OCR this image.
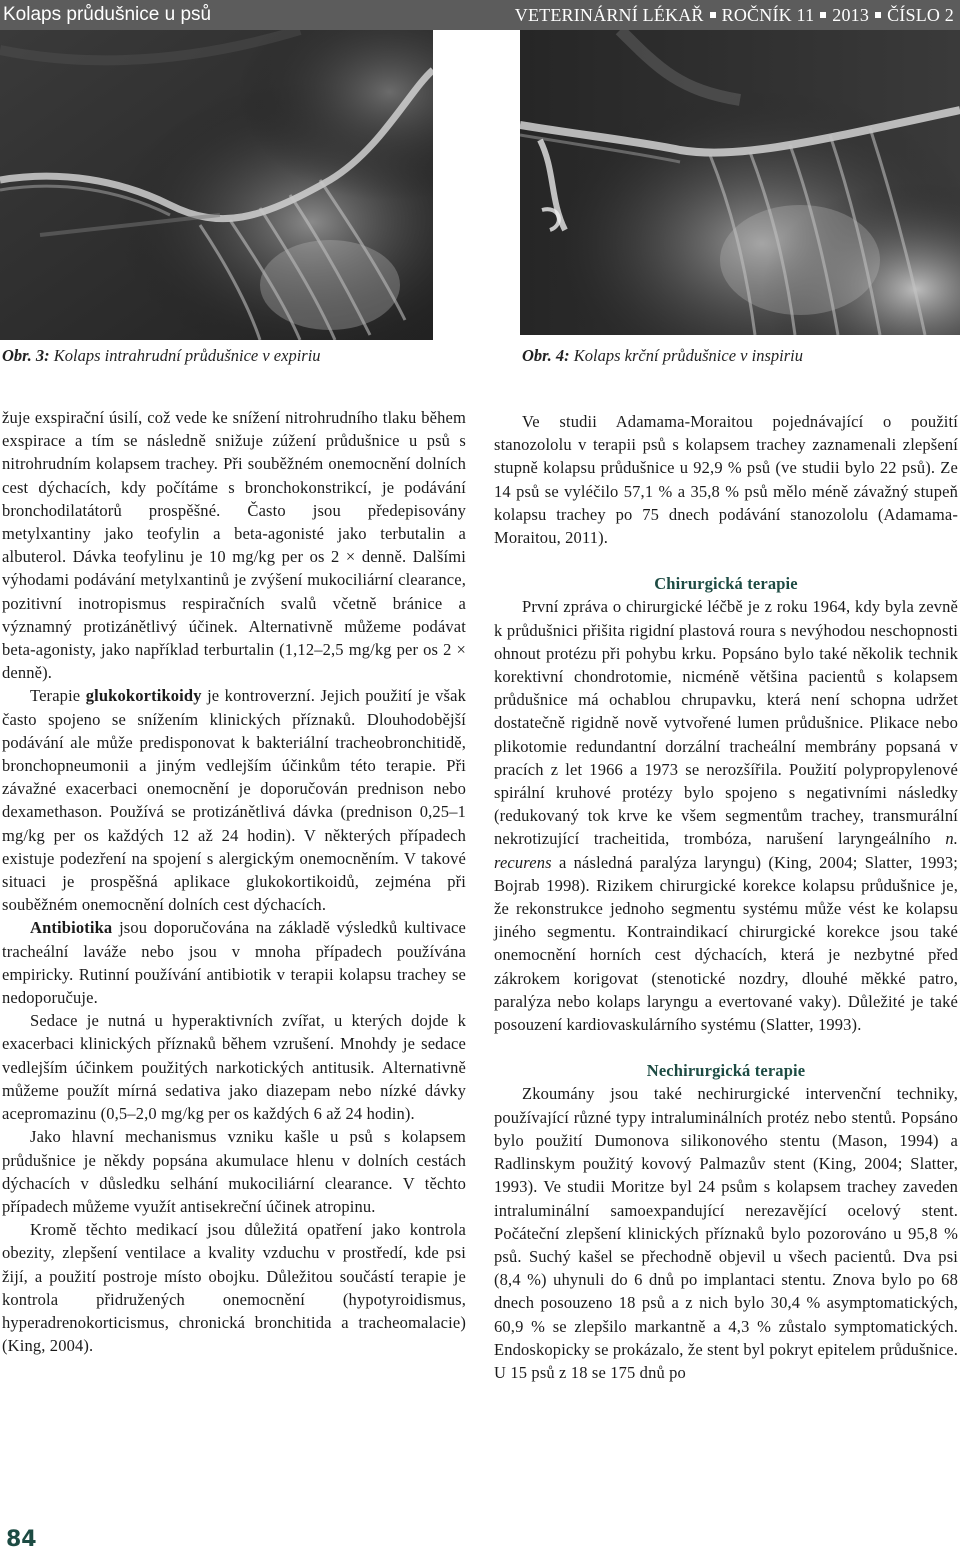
Kolaps průdušnice u psů	VETERINÁRNÍ LÉKAŘ ROČNÍK 11 2013 ČÍSLO 2
Obr. 3: Kolaps intrahrudní průdušnice v expiriu	Obr. 4: Kolaps krční průdušnice v inspiriu

žuje exspirační úsilí, což vede ke snížení nitrohrudního tlaku během exspirace a tím se následně snižuje zúžení průdušnice u psů s nitrohrudním kolapsem trachey. Při souběžném onemocnění dolních cest dýchacích, kdy počítáme s bronchokonstrikcí, je podávání bronchodilatátorů prospěšné. Často jsou předepisovány metylxantiny jako teofylin a beta-agonisté jako terbutalin a albuterol. Dávka teofylinu je 10 mg/kg per os 2 × denně. Dalšími výhodami podávání metylxantinů je zvýšení mukociliární clearance, pozitivní inotropismus respiračních svalů včetně bránice a významný protizánětlivý účinek. Alternativně můžeme podávat beta-agonisty, jako například terburtalin (1,12–2,5 mg/kg per os 2 × denně).

Terapie glukokortikoidy je kontroverzní. Jejich použití je však často spojeno se snížením klinických příznaků. Dlouhodobější podávání ale může predisponovat k bakteriální tracheobronchitidě, bronchopneumonii a jiným vedlejším účinkům této terapie. Při závažné exacerbaci onemocnění je doporučován prednison nebo dexamethason. Používá se protizánětlivá dávka (prednison 0,25–1 mg/kg per os každých 12 až 24 hodin). V některých případech existuje podezření na spojení s alergickým onemocněním. V takové situaci je prospěšná aplikace glukokortikoidů, zejména při souběžném onemocnění dolních cest dýchacích.

Antibiotika jsou doporučována na základě výsledků kultivace tracheální laváže nebo jsou v mnoha případech používána empiricky. Rutinní používání antibiotik v terapii kolapsu trachey se nedoporučuje.

Sedace je nutná u hyperaktivních zvířat, u kterých dojde k exacerbaci klinických příznaků během vzrušení. Mnohdy je sedace vedlejším účinkem použitých narkotických antitusik. Alternativně můžeme použít mírná sedativa jako diazepam nebo nízké dávky acepromazinu (0,5–2,0 mg/kg per os každých 6 až 24 hodin).

Jako hlavní mechanismus vzniku kašle u psů s kolapsem průdušnice je někdy popsána akumulace hlenu v dolních cestách dýchacích v důsledku selhání mukociliární clearance. V těchto případech můžeme využít antisekreční účinek atropinu.

Kromě těchto medikací jsou důležitá opatření jako kontrola obezity, zlepšení ventilace a kvality vzduchu v prostředí, kde psi žijí, a použití postroje místo obojku. Důležitou součástí terapie je kontrola přidružených onemocnění (hypotyroidismus, hyperadrenokorticismus, chronická bronchitida a tracheomalacie) (King, 2004).

Ve studii Adamama-Moraitou pojednávající o použití stanozololu v terapii psů s kolapsem trachey zaznamenali zlepšení stupně kolapsu průdušnice u 92,9 % psů (ve studii bylo 22 psů). Ze 14 psů se vyléčilo 57,1 % a 35,8 % psů mělo méně závažný stupeň kolapsu trachey po 75 dnech podávání stanozololu (Adamama-Moraitou, 2011).

Chirurgická terapie

První zpráva o chirurgické léčbě je z roku 1964, kdy byla zevně k průdušnici přišita rigidní plastová roura s nevýhodou neschopnosti ohnout protézu při pohybu krku. Popsáno bylo také několik technik korektivní chondrotomie, nicméně většina pacientů s kolapsem průdušnice má ochablou chrupavku, která není schopna udržet dostatečně rigidně nově vytvořené lumen průdušnice. Plikace nebo plikotomie redundantní dorzální tracheální membrány popsaná v pracích z let 1966 a 1973 se nerozšířila. Použití polypropylenové spirální kruhové protézy bylo spojeno s negativními následky (redukovaný tok krve ke všem segmentům trachey, transmurální nekrotizující tracheitida, trombóza, narušení laryngeálního n. recurens a následná paralýza laryngu) (King, 2004; Slatter, 1993; Bojrab 1998). Rizikem chirurgické korekce kolapsu průdušnice je, že rekonstrukce jednoho segmentu systému může vést ke kolapsu jiného segmentu. Kontraindikací chirurgické korekce jsou také onemocnění horních cest dýchacích, která je nezbytné před zákrokem korigovat (stenotické nozdry, dlouhé měkké patro, paralýza nebo kolaps laryngu a evertované vaky). Důležité je také posouzení kardiovaskulárního systému (Slatter, 1993).

Nechirurgická terapie

Zkoumány jsou také nechirurgické intervenční techniky, používající různé typy intraluminálních protéz nebo stentů. Popsáno bylo použití Dumonova silikonového stentu (Mason, 1994) a Radlinskym použitý kovový Palmazův stent (King, 2004; Slatter, 1993). Ve studii Moritze byl 24 psům s kolapsem trachey zaveden intraluminální samoexpandující nerezavějící ocelový stent. Počáteční zlepšení klinických příznaků bylo pozorováno u 95,8 % psů. Suchý kašel se přechodně objevil u všech pacientů. Dva psi (8,4 %) uhynuli do 6 dnů po implantaci stentu. Znova bylo po 68 dnech posouzeno 18 psů a z nich bylo 30,4 % asymptomatických, 60,9 % se zlepšilo markantně a 4,3 % zůstalo symptomatických. Endoskopicky se prokázalo, že stent byl pokryt epitelem průdušnice. U 15 psů z 18 se 175 dnů po

84
